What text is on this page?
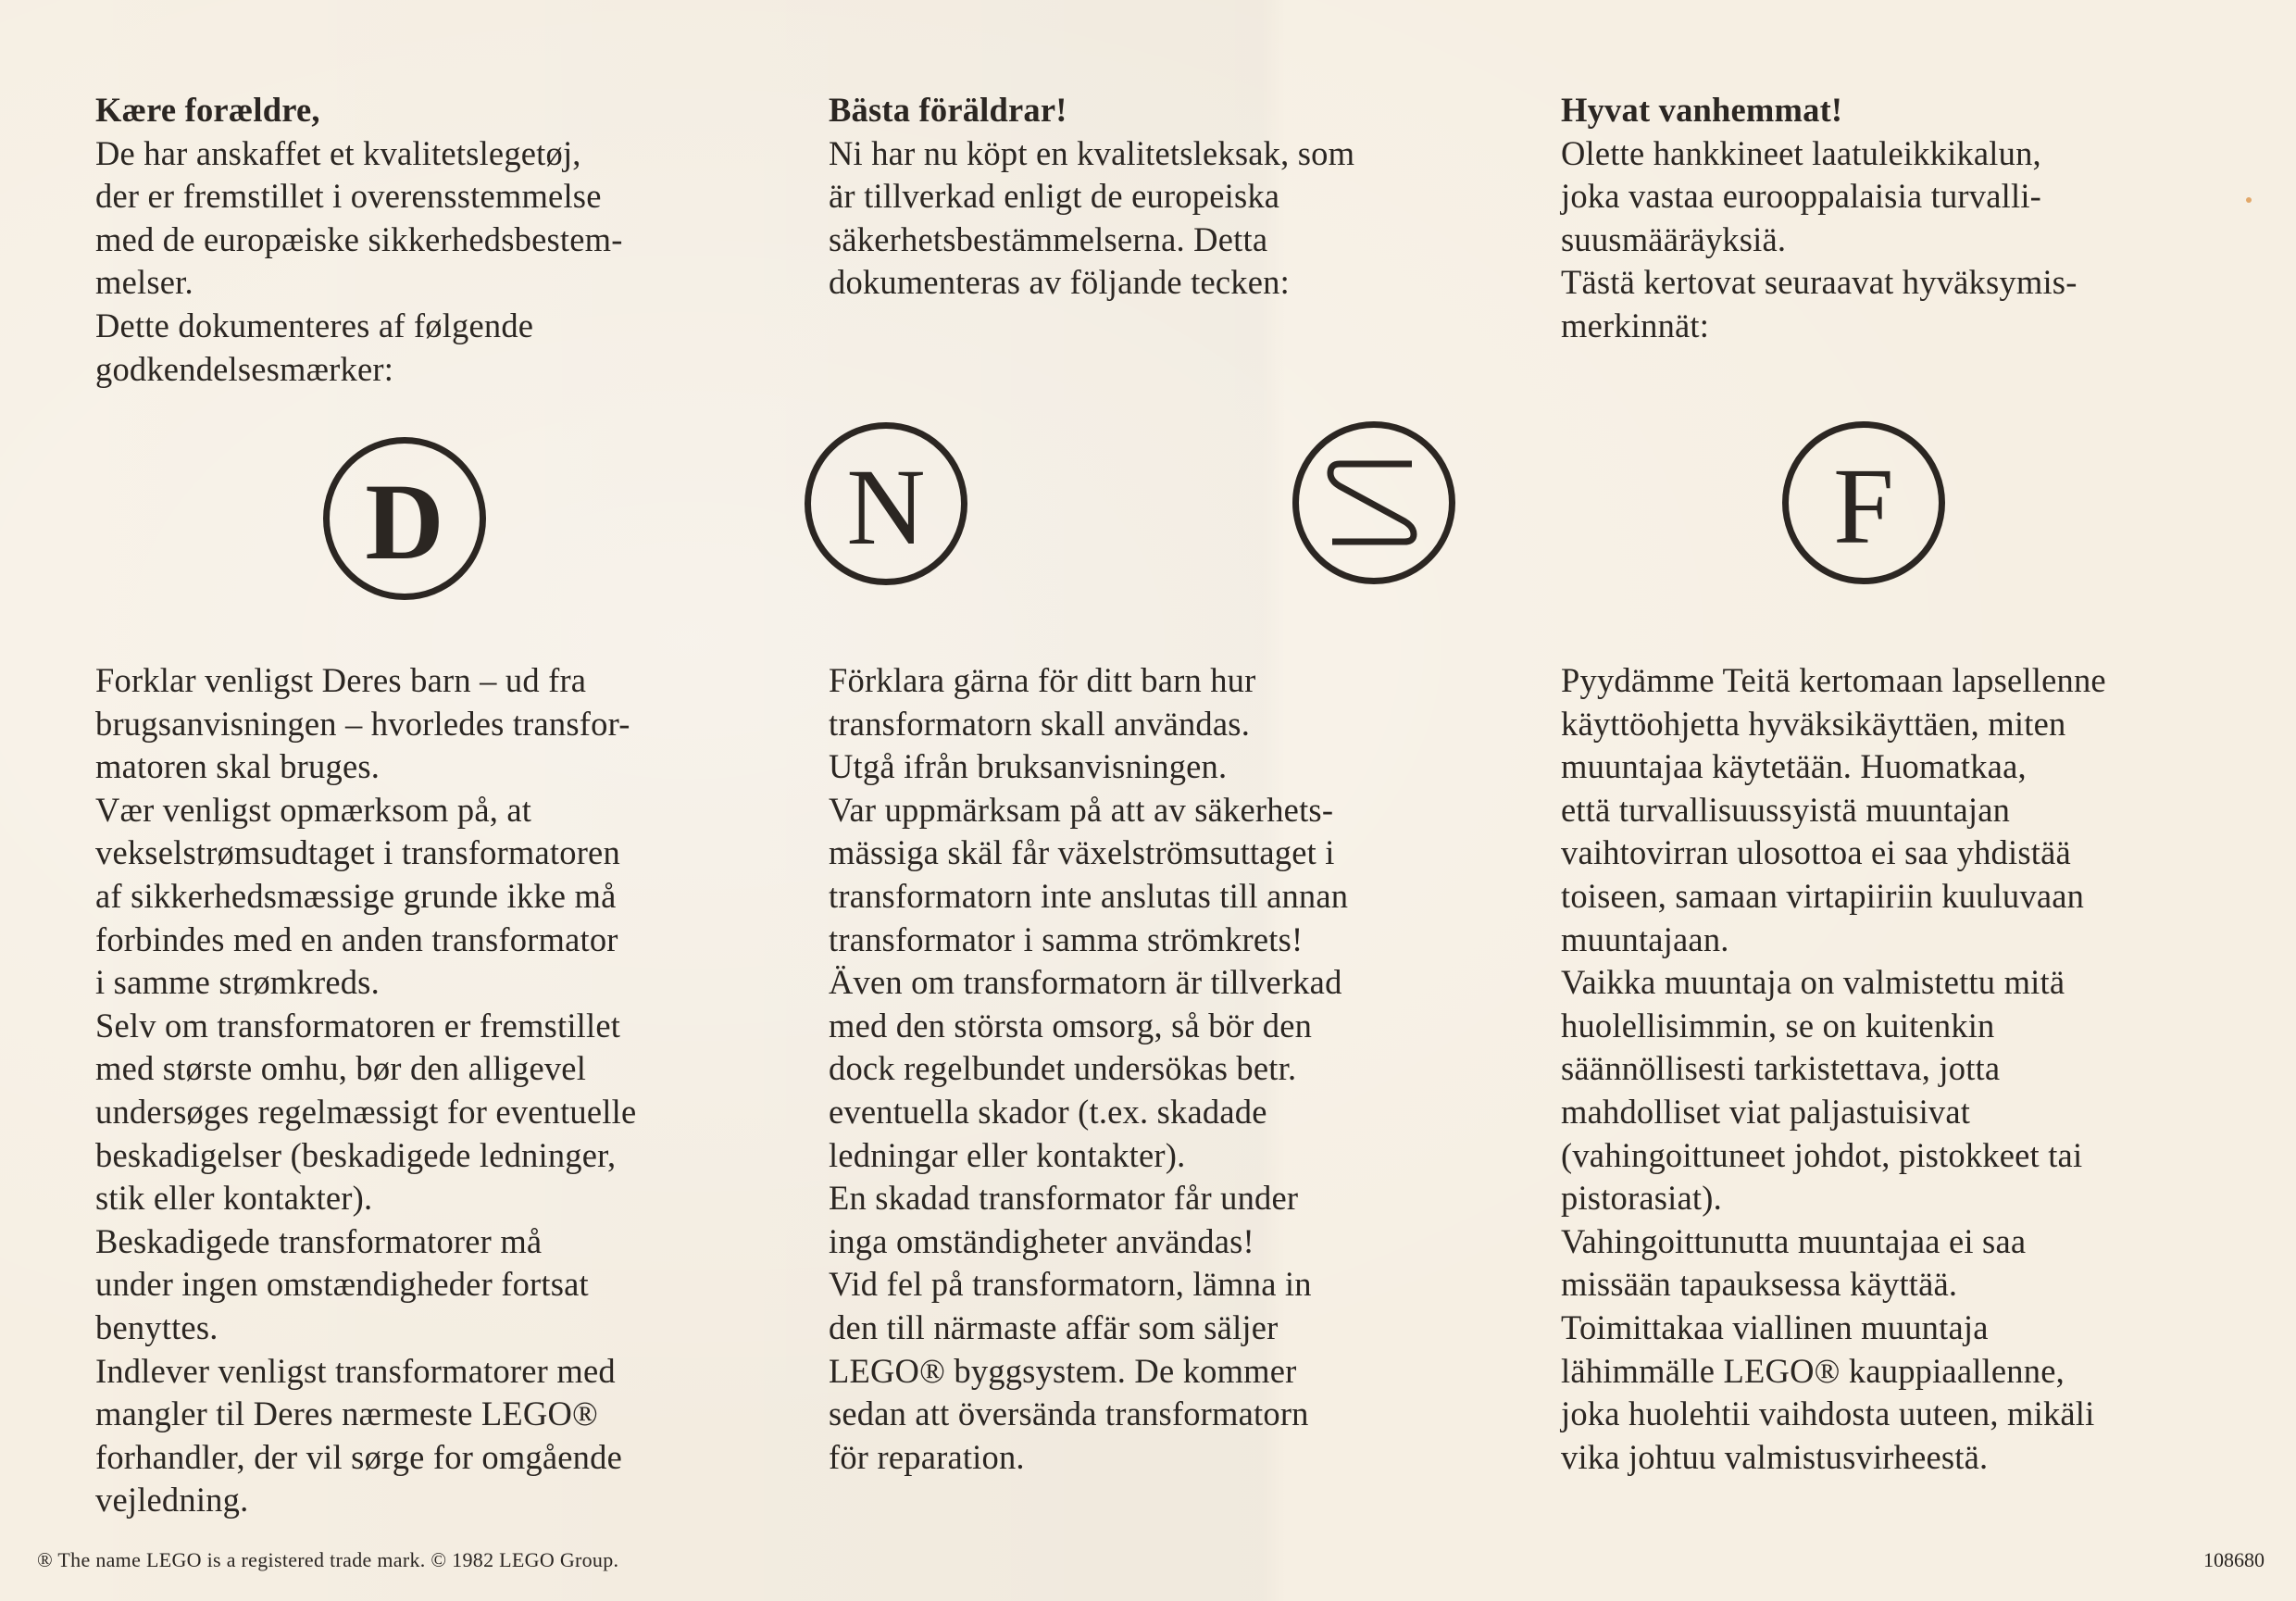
Kære forældre,

De har anskaffet et kvalitetslegetøj,

der er fremstillet i overensstemmelse

med de europæiske sikkerhedsbestem-

melser.

Dette dokumenteres af følgende

godkendelsesmærker:

Bästa föräldrar!

Ni har nu köpt en kvalitetsleksak, som

är tillverkad enligt de europeiska

säkerhetsbestämmelserna. Detta

dokumenteras av följande tecken:

Hyvat vanhemmat!

Olette hankkineet laatuleikkikalun,

joka vastaa eurooppalaisia turvalli-

suusmääräyksiä.

Tästä kertovat seuraavat hyväksymis-

merkinnät:

D	N	F

Forklar venligst Deres barn – ud fra

brugsanvisningen – hvorledes transfor-

matoren skal bruges.

Vær venligst opmærksom på, at

vekselstrømsudtaget i transformatoren

af sikkerhedsmæssige grunde ikke må

forbindes med en anden transformator

i samme strømkreds.

Selv om transformatoren er fremstillet

med største omhu, bør den alligevel

undersøges regelmæssigt for eventuelle

beskadigelser (beskadigede ledninger,

stik eller kontakter).

Beskadigede transformatorer må

under ingen omstændigheder fortsat

benyttes.

Indlever venligst transformatorer med

mangler til Deres nærmeste LEGO®

forhandler, der vil sørge for omgående

vejledning.

Förklara gärna för ditt barn hur

transformatorn skall användas.

Utgå ifrån bruksanvisningen.

Var uppmärksam på att av säkerhets-

mässiga skäl får växelströmsuttaget i

transformatorn inte anslutas till annan

transformator i samma strömkrets!

Även om transformatorn är tillverkad

med den största omsorg, så bör den

dock regelbundet undersökas betr.

eventuella skador (t.ex. skadade

ledningar eller kontakter).

En skadad transformator får under

inga omständigheter användas!

Vid fel på transformatorn, lämna in

den till närmaste affär som säljer

LEGO® byggsystem. De kommer

sedan att översända transformatorn

för reparation.

Pyydämme Teitä kertomaan lapsellenne

käyttöohjetta hyväksikäyttäen, miten

muuntajaa käytetään. Huomatkaa,

että turvallisuussyistä muuntajan

vaihtovirran ulosottoa ei saa yhdistää

toiseen, samaan virtapiiriin kuuluvaan

muuntajaan.

Vaikka muuntaja on valmistettu mitä

huolellisimmin, se on kuitenkin

säännöllisesti tarkistettava, jotta

mahdolliset viat paljastuisivat

(vahingoittuneet johdot, pistokkeet tai

pistorasiat).

Vahingoittunutta muuntajaa ei saa

missään tapauksessa käyttää.

Toimittakaa viallinen muuntaja

lähimmälle LEGO® kauppiaallenne,

joka huolehtii vaihdosta uuteen, mikäli

vika johtuu valmistusvirheestä.

® The name LEGO is a registered trade mark. © 1982 LEGO Group.	108680
